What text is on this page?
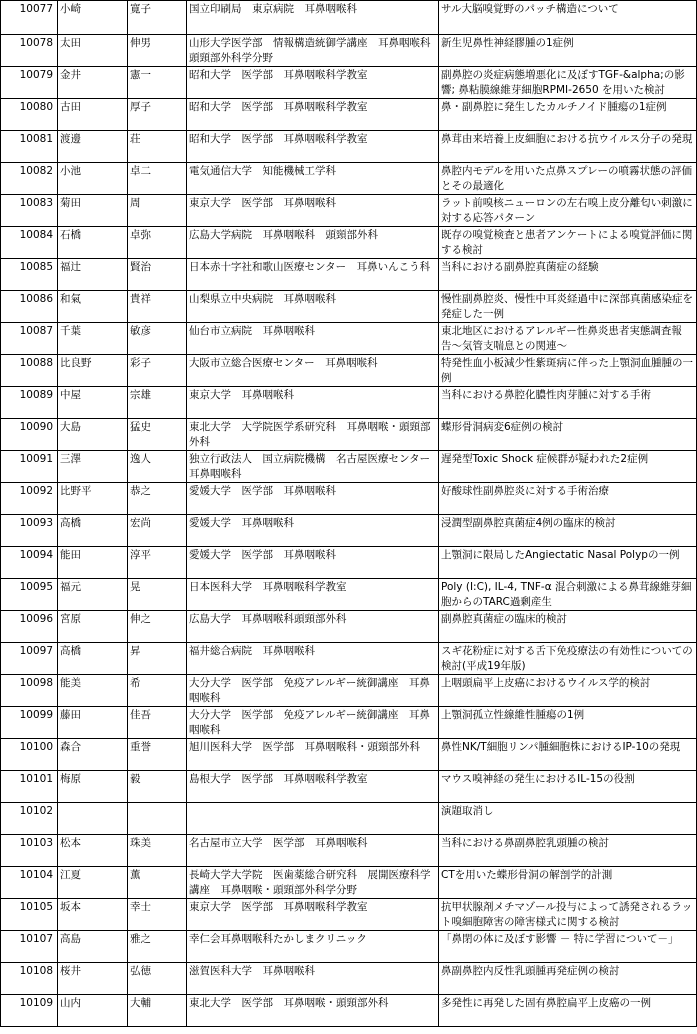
10077	小崎	寛子	国立印刷局　東京病院　耳鼻咽喉科	サル大脳嗅覚野のパッチ構造について
10078	太田	伸男	山形大学医学部　情報構造統御学講座　耳鼻咽喉科頭頸部外科学分野	新生児鼻性神経膠腫の1症例
10079	金井	憲一	昭和大学　医学部　耳鼻咽喉科学教室	副鼻腔の炎症病態増悪化に及ぼすTGF-&alpha;の影響; 鼻粘膜線維芽細胞RPMI-2650 を用いた検討
10080	古田	厚子	昭和大学　医学部　耳鼻咽喉科学教室	鼻・副鼻腔に発生したカルチノイド腫瘍の1症例
10081	渡邊	荘	昭和大学　医学部　耳鼻咽喉科学教室	鼻茸由来培養上皮細胞における抗ウイルス分子の発現
10082	小池	卓二	電気通信大学　知能機械工学科	鼻腔内モデルを用いた点鼻スプレーの噴霧状態の評価とその最適化
10083	菊田	周	東京大学　医学部　耳鼻咽喉科	ラット前嗅核ニューロンの左右嗅上皮分離匂い刺激に対する応答パターン
10084	石橋	卓弥	広島大学病院　耳鼻咽喉科　頭頸部外科	既存の嗅覚検査と患者アンケートによる嗅覚評価に関する検討
10085	福辻	賢治	日本赤十字社和歌山医療センター　耳鼻いんこう科	当科における副鼻腔真菌症の経験
10086	和氣	貴祥	山梨県立中央病院　耳鼻咽喉科	慢性副鼻腔炎、慢性中耳炎経過中に深部真菌感染症を発症した一例
10087	千葉	敏彦	仙台市立病院　耳鼻咽喉科	東北地区におけるアレルギー性鼻炎患者実態調査報告〜気管支喘息との関連〜
10088	比良野	彩子	大阪市立総合医療センター　耳鼻咽喉科	特発性血小板減少性紫斑病に伴った上顎洞血腫腫の一例
10089	中屋	宗雄	東京大学　耳鼻咽喉科	当科における鼻腔化膿性肉芽腫に対する手術
10090	大島	猛史	東北大学　大学院医学系研究科　耳鼻咽喉・頭頸部外科	蝶形骨洞病変6症例の検討
10091	三澤	逸人	独立行政法人　国立病院機構　名古屋医療センター　耳鼻咽喉科	遅発型Toxic Shock 症候群が疑われた2症例
10092	比野平	恭之	愛媛大学　医学部　耳鼻咽喉科	好酸球性副鼻腔炎に対する手術治療
10093	高橋	宏尚	愛媛大学　耳鼻咽喉科	浸潤型副鼻腔真菌症4例の臨床的検討
10094	能田	淳平	愛媛大学　医学部　耳鼻咽喉科	上顎洞に限局したAngiectatic Nasal Polypの一例
10095	福元	晃	日本医科大学　耳鼻咽喉科学教室	Poly (I:C), IL-4, TNF-α 混合刺激による鼻茸線維芽細胞からのTARC過剰産生
10096	宮原	伸之	広島大学　耳鼻咽喉科頭頸部外科	副鼻腔真菌症の臨床的検討
10097	高橋	昇	福井総合病院　耳鼻咽喉科	スギ花粉症に対する舌下免疫療法の有効性についての検討(平成19年版)
10098	能美	希	大分大学　医学部　免疫アレルギー統御講座　耳鼻咽喉科	上咽頭扁平上皮癌におけるウイルス学的検討
10099	藤田	佳吾	大分大学　医学部　免疫アレルギー統御講座　耳鼻咽喉科	上顎洞孤立性線維性腫瘍の1例
10100	森合	重誉	旭川医科大学　医学部　耳鼻咽喉科・頭頸部外科	鼻性NK/T細胞リンパ腫細胞株におけるIP-10の発現
10101	梅原	毅	島根大学　医学部　耳鼻咽喉科学教室	マウス嗅神経の発生におけるIL-15の役割
10102				演題取消し
10103	松本	珠美	名古屋市立大学　医学部　耳鼻咽喉科	当科における鼻副鼻腔乳頭腫の検討
10104	江夏	薫	長崎大学大学院　医歯薬総合研究科　展開医療科学講座　耳鼻咽喉・頭頸部外科学分野	CTを用いた蝶形骨洞の解剖学的計測
10105	坂本	幸士	東京大学　医学部　耳鼻咽喉科学教室	抗甲状腺剤メチマゾール投与によって誘発されるラット嗅細胞障害の障害様式に関する検討
10107	高島	雅之	幸仁会耳鼻咽喉科たかしまクリニック	「鼻閉の体に及ぼす影響 － 特に学習について－」
10108	桜井	弘徳	滋賀医科大学　耳鼻咽喉科	鼻副鼻腔内反性乳頭腫再発症例の検討
10109	山内	大輔	東北大学　医学部　耳鼻咽喉・頭頸部外科	多発性に再発した固有鼻腔扁平上皮癌の一例
